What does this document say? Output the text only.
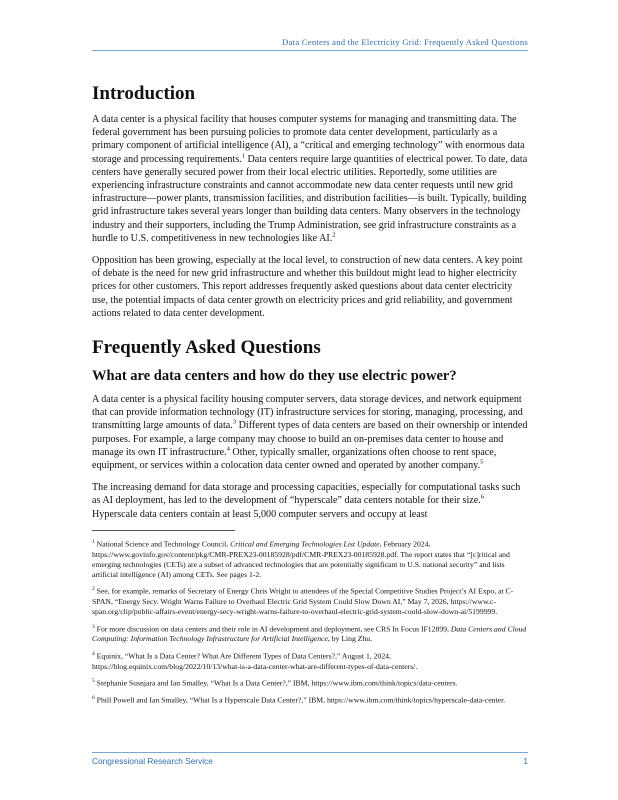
Data Centers and the Electricity Grid: Frequently Asked Questions
Introduction

A data center is a physical facility that houses computer systems for managing and transmitting data. The federal government has been pursuing policies to promote data center development, particularly as a primary component of artificial intelligence (AI), a “critical and emerging technology” with enormous data storage and processing requirements.$^1$ Data centers require large quantities of electrical power. To date, data centers have generally secured power from their local electric utilities. Reportedly, some utilities are experiencing infrastructure constraints and cannot accommodate new data center requests until new grid infrastructure—power plants, transmission facilities, and distribution facilities—is built. Typically, building grid infrastructure takes several years longer than building data centers. Many observers in the technology industry and their supporters, including the Trump Administration, see grid infrastructure constraints as a hurdle to U.S. competitiveness in new technologies like AI.$^2$

Opposition has been growing, especially at the local level, to construction of new data centers. A key point of debate is the need for new grid infrastructure and whether this buildout might lead to higher electricity prices for other customers. This report addresses frequently asked questions about data center electricity use, the potential impacts of data center growth on electricity prices and grid reliability, and government actions related to data center development.

Frequently Asked Questions
What are data centers and how do they use electric power?

A data center is a physical facility housing computer servers, data storage devices, and network equipment that can provide information technology (IT) infrastructure services for storing, managing, processing, and transmitting large amounts of data.$^3$ Different types of data centers are based on their ownership or intended purposes. For example, a large company may choose to build an on-premises data center to house and manage its own IT infrastructure.$^4$ Other, typically smaller, organizations often choose to rent space, equipment, or services within a colocation data center owned and operated by another company.$^5$

The increasing demand for data storage and processing capacities, especially for computational tasks such as AI deployment, has led to the development of “hyperscale” data centers notable for their size.$^6$ Hyperscale data centers contain at least 5,000 computer servers and occupy at least

$^1$ National Science and Technology Council, Critical and Emerging Technologies List Update, February 2024, https://www.govinfo.gov/content/pkg/CMR-PREX23-00185928/pdf/CMR-PREX23-00185928.pdf. The report states that “[c]ritical and emerging technologies (CETs) are a subset of advanced technologies that are potentially significant to U.S. national security” and lists artificial intelligence (AI) among CETs. See pages 1-2.
$^2$ See, for example, remarks of Secretary of Energy Chris Wright to attendees of the Special Competitive Studies Project’s AI Expo, at C-SPAN, “Energy Secy. Wright Warns Failure to Overhaul Electric Grid System Could Slow Down AI,” May 7, 2026, https://www.c-span.org/clip/public-affairs-event/energy-secy-wright-warns-failure-to-overhaul-electric-grid-system-could-slow-down-ai/5199999.
$^3$ For more discussion on data centers and their role in AI development and deployment, see CRS In Focus IF12899, Data Centers and Cloud Computing: Information Technology Infrastructure for Artificial Intelligence, by Ling Zhu.
$^4$ Equinix, “What Is a Data Center? What Are Different Types of Data Centers?,” August 1, 2024, https://blog.equinix.com/blog/2022/10/13/what-is-a-data-center-what-are-different-types-of-data-centers/.
$^5$ Stephanie Susnjara and Ian Smalley, “What Is a Data Center?,” IBM, https://www.ibm.com/think/topics/data-centers.
$^6$ Phill Powell and Ian Smalley, “What Is a Hyperscale Data Center?,” IBM, https://www.ibm.com/think/topics/hyperscale-data-center.
Congressional Research Service	1
